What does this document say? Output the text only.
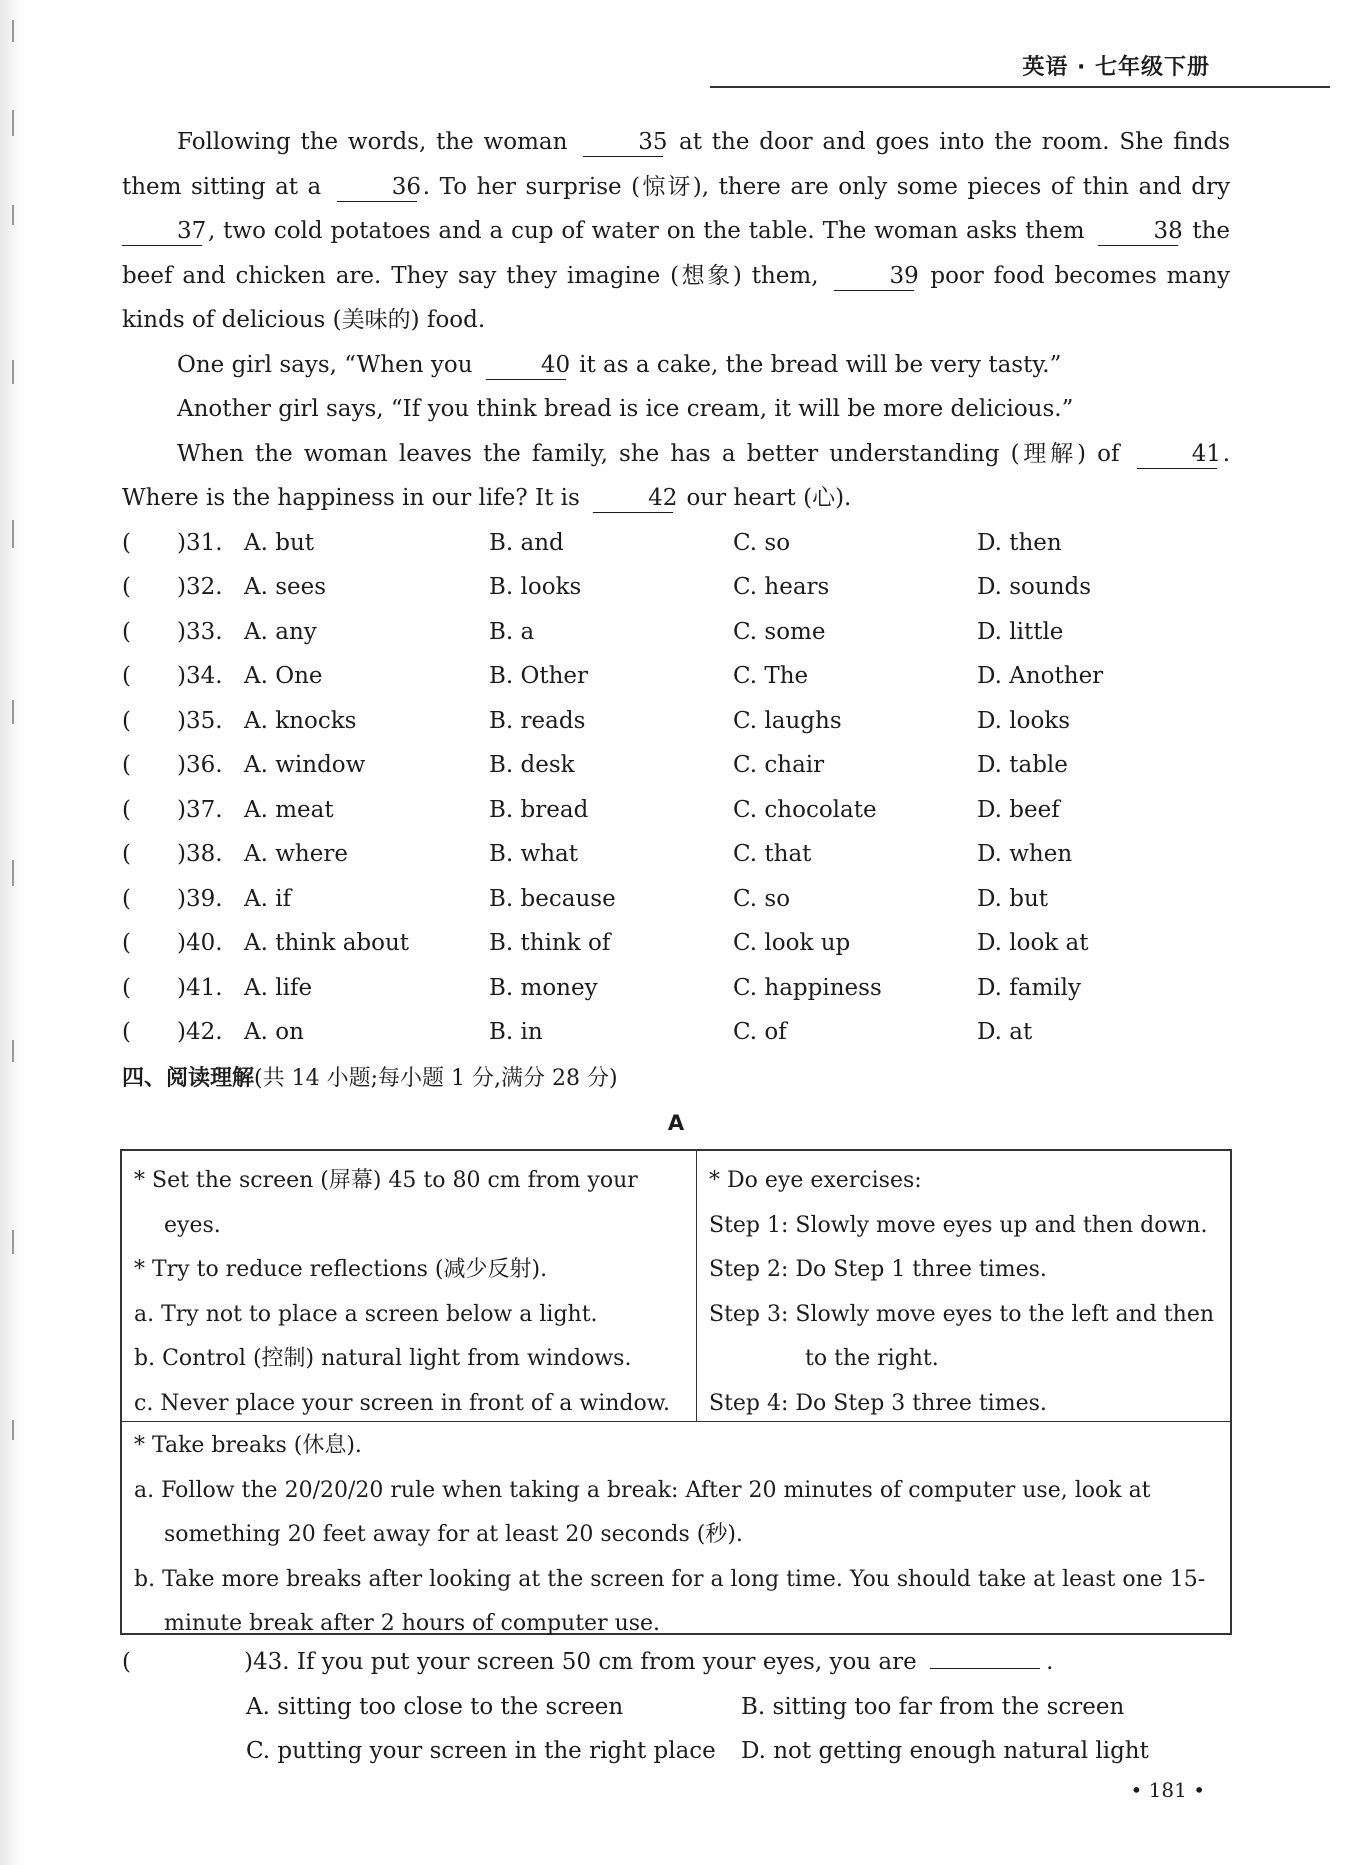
英语 · 七年级下册

Following the words, the woman	35 at the door and goes into the room. She finds them sitting at a	36. To her surprise (惊讶), there are only some pieces of thin and dry 37, two cold potatoes and a cup of water on the table. The woman asks them	38 the beef and chicken are. They say they imagine (想象) them,	39 poor food becomes many kinds of delicious (美味的) food.

One girl says, “When you	40 it as a cake, the bread will be very tasty.”

Another girl says, “If you think bread is ice cream, it will be more delicious.”

When the woman leaves the family, she has a better understanding (理解) of	41. Where is the happiness in our life? It is	42 our heart (心).

(	)31. A. but	B. and	C. so	D. then
(	)32. A. sees	B. looks	C. hears	D. sounds
(	)33. A. any	B. a	C. some	D. little
(	)34. A. One	B. Other	C. The	D. Another
(	)35. A. knocks	B. reads	C. laughs	D. looks
(	)36. A. window	B. desk	C. chair	D. table
(	)37. A. meat	B. bread	C. chocolate	D. beef
(	)38. A. where	B. what	C. that	D. when
(	)39. A. if	B. because	C. so	D. but
(	)40. A. think about	B. think of	C. look up	D. look at
(	)41. A. life	B. money	C. happiness	D. family
(	)42. A. on	B. in	C. of	D. at
四、阅读理解(共 14 小题;每小题 1 分,满分 28 分)
A
* Set the screen (屏幕) 45 to 80 cm from your eyes.
* Try to reduce reflections (减少反射).
a. Try not to place a screen below a light.
b. Control (控制) natural light from windows.
c. Never place your screen in front of a window.
* Do eye exercises:
Step 1: Slowly move eyes up and then down.
Step 2: Do Step 1 three times.
Step 3: Slowly move eyes to the left and then to the right.
Step 4: Do Step 3 three times.
* Take breaks (休息).
a. Follow the 20/20/20 rule when taking a break: After 20 minutes of computer use, look at something 20 feet away for at least 20 seconds (秒).
b. Take more breaks after looking at the screen for a long time. You should take at least one 15-minute break after 2 hours of computer use.
(	)43. If you put your screen 50 cm from your eyes, you are	.
A. sitting too close to the screen	B. sitting too far from the screen
C. putting your screen in the right place	D. not getting enough natural light
• 181 •
